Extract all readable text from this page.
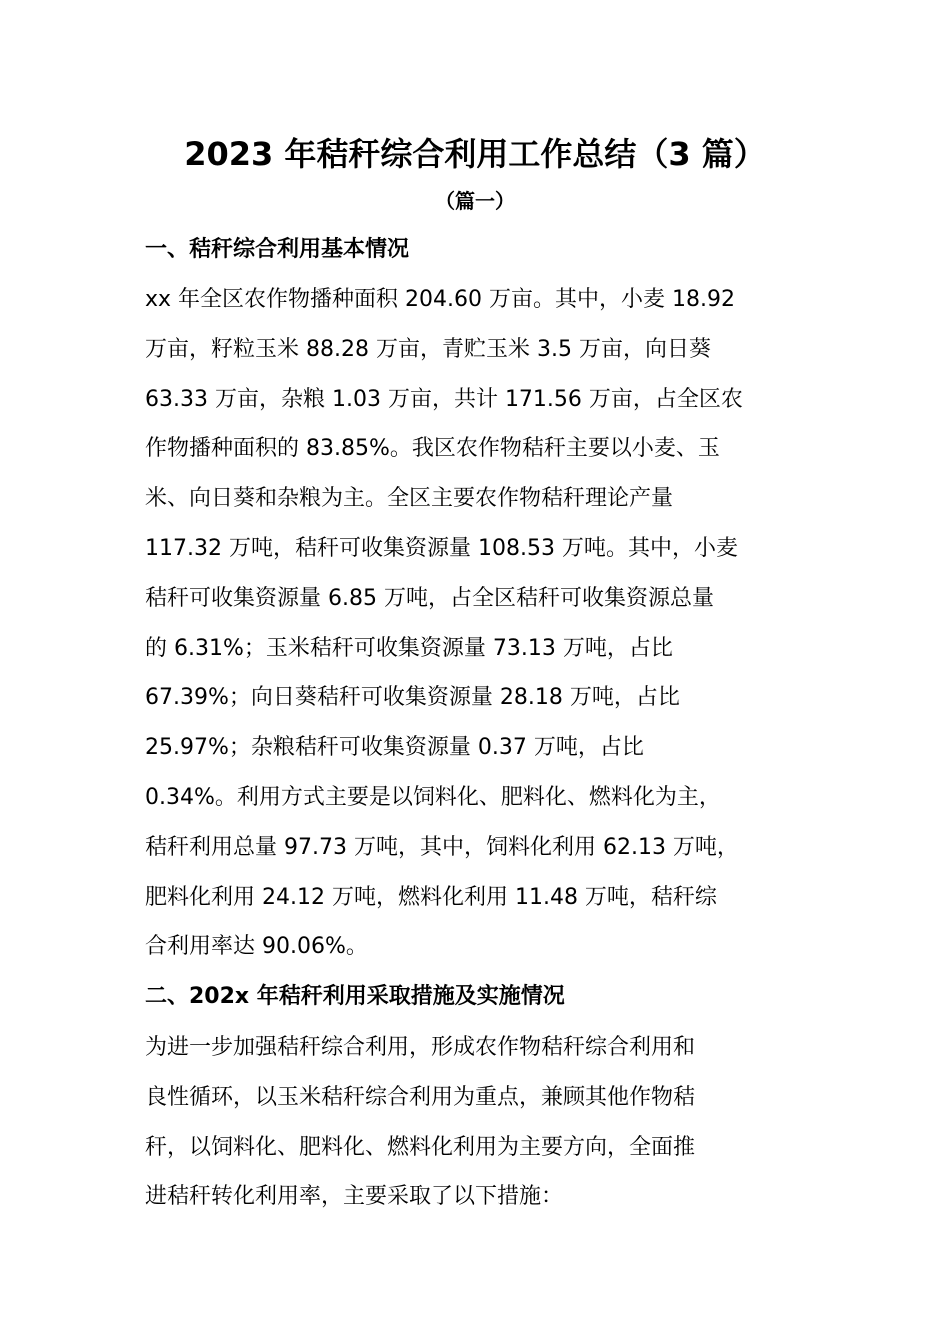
2023 年秸秆综合利用工作总结（3 篇）
（篇一）
一、秸秆综合利用基本情况
xx 年全区农作物播种面积 204.60 万亩。其中，小麦 18.92
万亩，籽粒玉米 88.28 万亩，青贮玉米 3.5 万亩，向日葵
63.33 万亩，杂粮 1.03 万亩，共计 171.56 万亩，占全区农
作物播种面积的 83.85%。我区农作物秸秆主要以小麦、玉
米、向日葵和杂粮为主。全区主要农作物秸秆理论产量
117.32 万吨，秸秆可收集资源量 108.53 万吨。其中，小麦
秸秆可收集资源量 6.85 万吨，占全区秸秆可收集资源总量
的 6.31%；玉米秸秆可收集资源量 73.13 万吨，占比
67.39%；向日葵秸秆可收集资源量 28.18 万吨，占比
25.97%；杂粮秸秆可收集资源量 0.37 万吨，占比
0.34%。利用方式主要是以饲料化、肥料化、燃料化为主，
秸秆利用总量 97.73 万吨，其中，饲料化利用 62.13 万吨，
肥料化利用 24.12 万吨，燃料化利用 11.48 万吨，秸秆综
合利用率达 90.06%。
二、202x 年秸秆利用采取措施及实施情况
为进一步加强秸秆综合利用，形成农作物秸秆综合利用和
良性循环，以玉米秸秆综合利用为重点，兼顾其他作物秸
秆，以饲料化、肥料化、燃料化利用为主要方向，全面推
进秸秆转化利用率，主要采取了以下措施：
